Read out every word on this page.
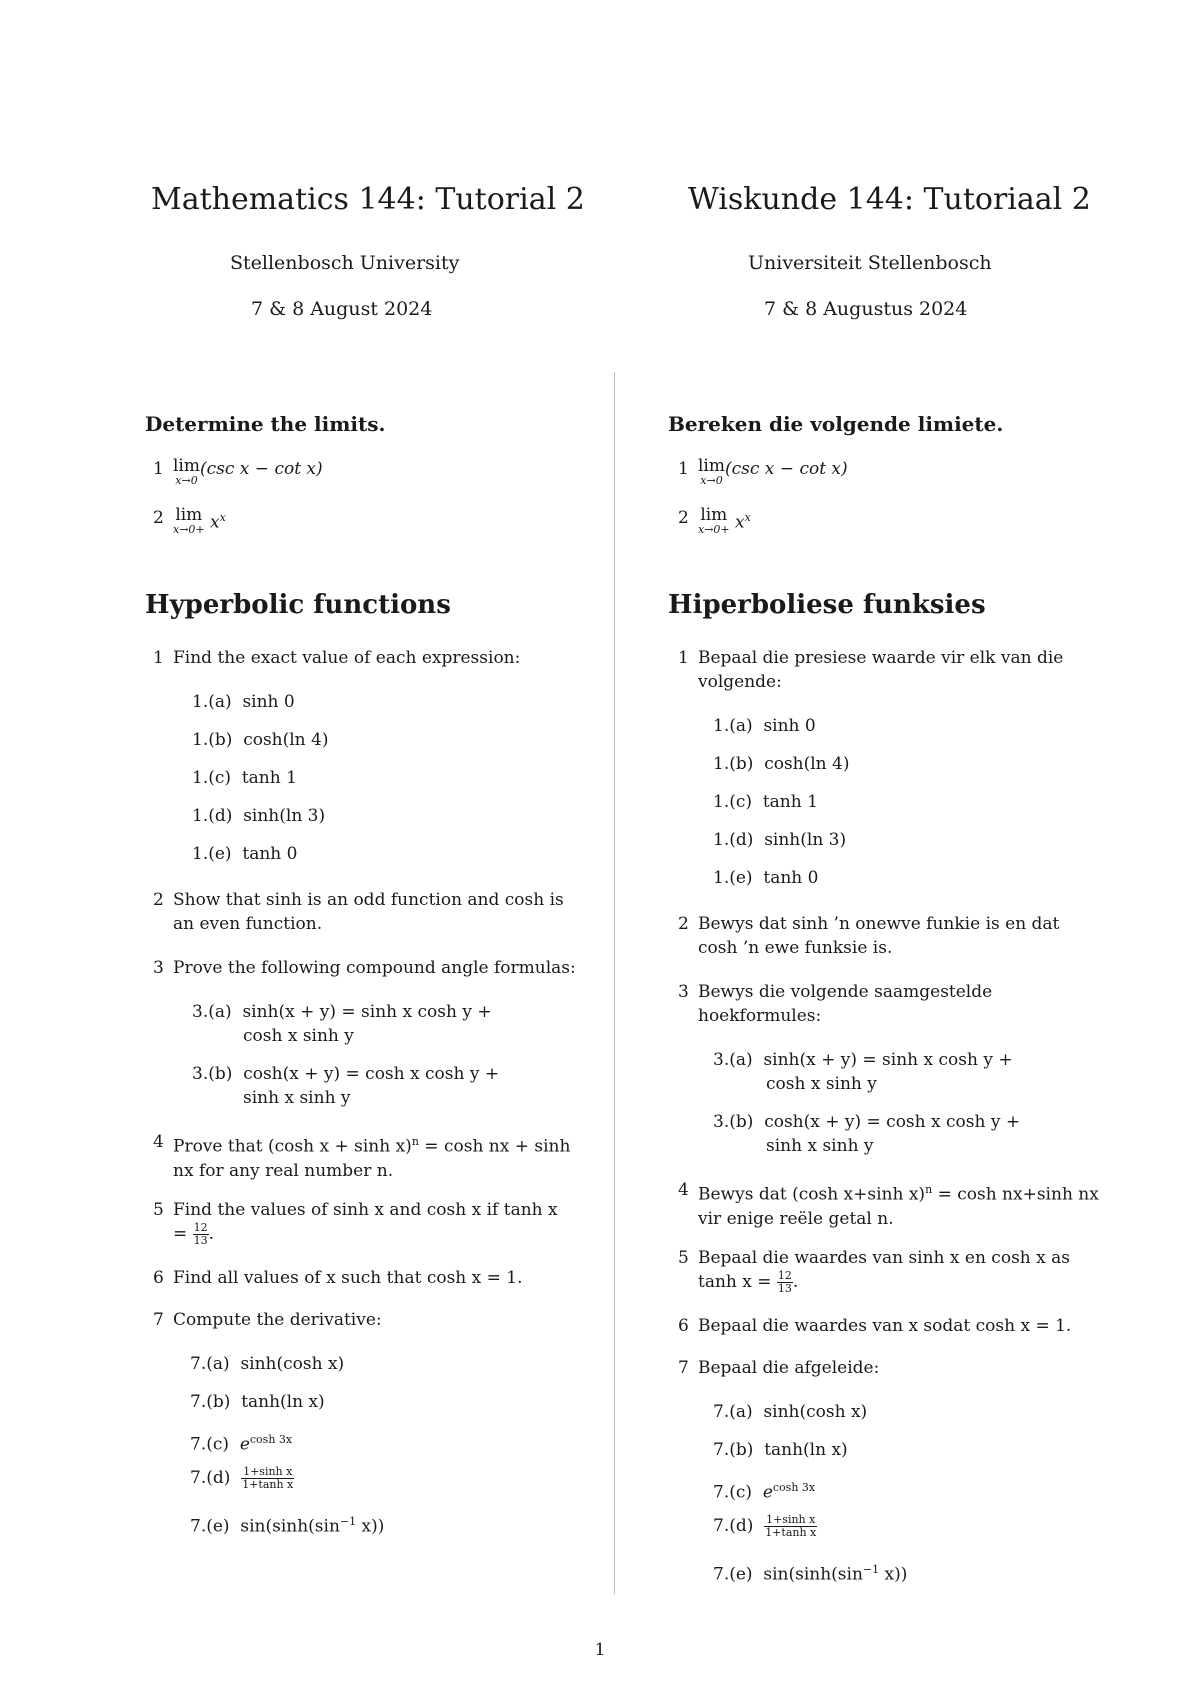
Mathematics 144: Tutorial 2
Stellenbosch University
7 & 8 August 2024
Determine the limits.
1 lim
x→0
(csc x − cot x)
2 lim
$x\to 0+ x^x$
Hyperbolic functions
1 Find the exact value of each expression:
1.(a) sinh 0
1.(b) cosh(ln 4)
1.(c) tanh 1
1.(d) sinh(ln 3)
1.(e) tanh 0
2 Show that sinh is an odd function and cosh is an even function.
3 Prove the following compound angle formulas:
3.(a) sinh(x + y) = sinh x cosh y +
cosh x sinh y
3.(b) cosh(x + y) = cosh x cosh y +
sinh x sinh y
4 Prove that (cosh x + sinh x)$^n$ = cosh nx + sinh nx for any real number n.
5 Find the values of sinh x and cosh x if $\tanh x = \frac{12}{13}$ .
6 Find all values of x such that cosh x = 1.
7 Compute the derivative:
7.(a) sinh(cosh x)
7.(b) tanh(ln x)
7.(c) $e^{cosh 3x}$
$7.(d) \frac{\text{1+sinh x}}{\text{1+tanh x}}$
7.(e) $\sin(\sinh(\sin^{-1}$ x))
Wiskunde 144: Tutoriaal 2
Universiteit Stellenbosch
7 & 8 Augustus 2024
Bereken die volgende limiete.
1 lim
x→0
(csc x − cot x)
2 lim
$x\to 0+ x^x$
Hiperboliese funksies
1 Bepaal die presiese waarde vir elk van die volgende:
1.(a) sinh 0
1.(b) cosh(ln 4)
1.(c) tanh 1
1.(d) sinh(ln 3)
1.(e) tanh 0
2 Bewys dat sinh ’n onewve funkie is en dat cosh ’n ewe funksie is.
3 Bewys die volgende saamgestelde hoekformules:
3.(a) sinh(x + y) = sinh x cosh y +
cosh x sinh y
3.(b) cosh(x + y) = cosh x cosh y +
sinh x sinh y
4 Bewys dat (cosh x+sinh x)$^n$ = cosh nx+sinh nx vir enige reële getal n.
5 Bepaal die waardes van sinh x en cosh x as $\tanh x = \frac{12}{13}$ .
6 Bepaal die waardes van x sodat cosh x = 1.
7 Bepaal die afgeleide:
7.(a) sinh(cosh x)
7.(b) tanh(ln x)
7.(c) $e^{cosh 3x}$
$7.(d) \frac{\text{1+sinh x}}{\text{1+tanh x}}$
7.(e) $\sin(\sinh(\sin^{-1}$ x))
1
